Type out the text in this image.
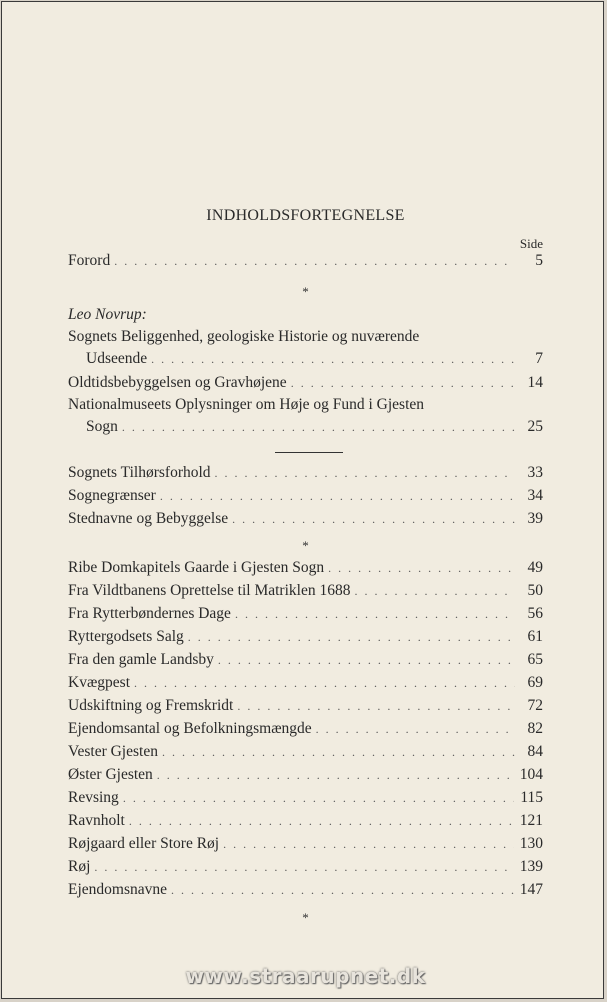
INDHOLDSFORTEGNELSE
Side
Forord . . .	5
*
Leo Novrup:
Sognets Beliggenhed, geologiske Historie og nuværende
Udseende . . .	7
Oldtidsbebyggelsen og Gravhøjene . . .	14
Nationalmuseets Oplysninger om Høje og Fund i Gjesten
Sogn . . .	25
Sognets Tilhørsforhold . . .	33
Sognegrænser . . .	34
Stednavne og Bebyggelse . . .	39
*
Ribe Domkapitels Gaarde i Gjesten Sogn . . .	49
Fra Vildtbanens Oprettelse til Matriklen 1688 . . .	50
Fra Rytterbøndernes Dage . . .	56
Ryttergodsets Salg . . .	61
Fra den gamle Landsby . . .	65
Kvægpest . . .	69
Udskiftning og Fremskridt . . .	72
Ejendomsantal og Befolkningsmængde . . .	82
Vester Gjesten . . .	84
Øster Gjesten . . .	104
Revsing . . .	115
Ravnholt . . .	121
Røjgaard eller Store Røj . . .	130
Røj . . .	139
Ejendomsnavne . . .	147
*
www.straarupnet.dk
